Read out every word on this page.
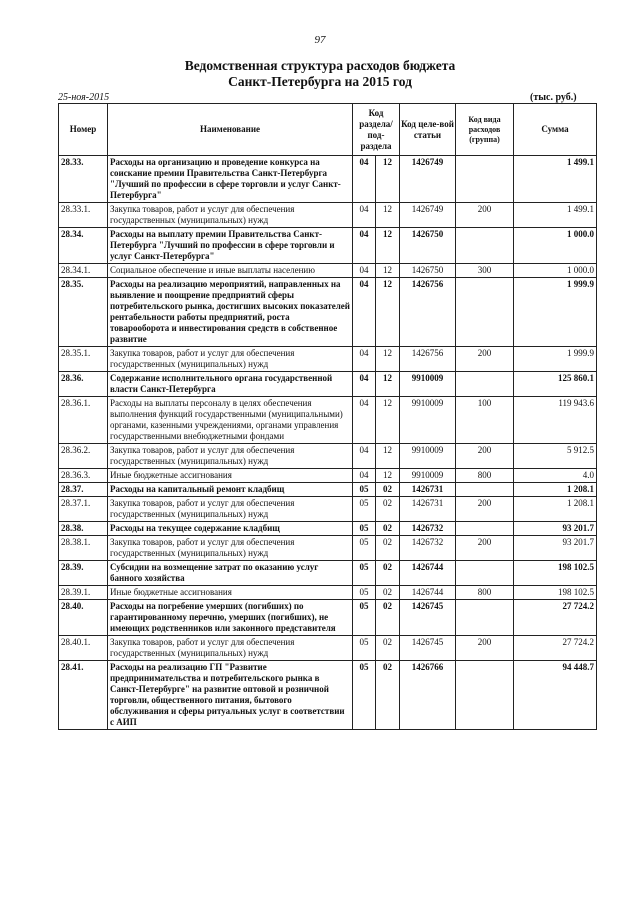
97
Ведомственная структура расходов бюджета
Санкт-Петербурга на 2015 год
25-ноя-2015	(тыс. руб.)
Номер	Наименование	Код раздела/ под-раздела		Код целе-вой статьи	Код вида расходов (группа)	Сумма
28.33.	Расходы на организацию и проведение конкурса на соискание премии Правительства Санкт-Петербурга "Лучший по профессии в сфере торговли и услуг Санкт-Петербурга"	04	12	1426749		1 499.1
28.33.1.	Закупка товаров, работ и услуг для обеспечения государственных (муниципальных) нужд	04	12	1426749	200	1 499.1
28.34.	Расходы на выплату премии Правительства Санкт-Петербурга "Лучший по профессии в сфере торговли и услуг Санкт-Петербурга"	04	12	1426750		1 000.0
28.34.1.	Социальное обеспечение и иные выплаты населению	04	12	1426750	300	1 000.0
28.35.	Расходы на реализацию мероприятий, направленных на выявление и поощрение предприятий сферы потребительского рынка, достигших высоких показателей рентабельности работы предприятий, роста товарооборота и инвестирования средств в собственное развитие	04	12	1426756		1 999.9
28.35.1.	Закупка товаров, работ и услуг для обеспечения государственных (муниципальных) нужд	04	12	1426756	200	1 999.9
28.36.	Содержание исполнительного органа государственной власти Санкт-Петербурга	04	12	9910009		125 860.1
28.36.1.	Расходы на выплаты персоналу в целях обеспечения выполнения функций государственными (муниципальными) органами, казенными учреждениями, органами управления государственными внебюджетными фондами	04	12	9910009	100	119 943.6
28.36.2.	Закупка товаров, работ и услуг для обеспечения государственных (муниципальных) нужд	04	12	9910009	200	5 912.5
28.36.3.	Иные бюджетные ассигнования	04	12	9910009	800	4.0
28.37.	Расходы на капитальный ремонт кладбищ	05	02	1426731		1 208.1
28.37.1.	Закупка товаров, работ и услуг для обеспечения государственных (муниципальных) нужд	05	02	1426731	200	1 208.1
28.38.	Расходы на текущее содержание кладбищ	05	02	1426732		93 201.7
28.38.1.	Закупка товаров, работ и услуг для обеспечения государственных (муниципальных) нужд	05	02	1426732	200	93 201.7
28.39.	Субсидии на возмещение затрат по оказанию услуг банного хозяйства	05	02	1426744		198 102.5
28.39.1.	Иные бюджетные ассигнования	05	02	1426744	800	198 102.5
28.40.	Расходы на погребение умерших (погибших) по гарантированному перечню, умерших (погибших), не имеющих родственников или законного представителя	05	02	1426745		27 724.2
28.40.1.	Закупка товаров, работ и услуг для обеспечения государственных (муниципальных) нужд	05	02	1426745	200	27 724.2
28.41.	Расходы на реализацию ГП "Развитие предпринимательства и потребительского рынка в Санкт-Петербурге" на развитие оптовой и розничной торговли, общественного питания, бытового обслуживания и сферы ритуальных услуг в соответствии с АИП	05	02	1426766		94 448.7
